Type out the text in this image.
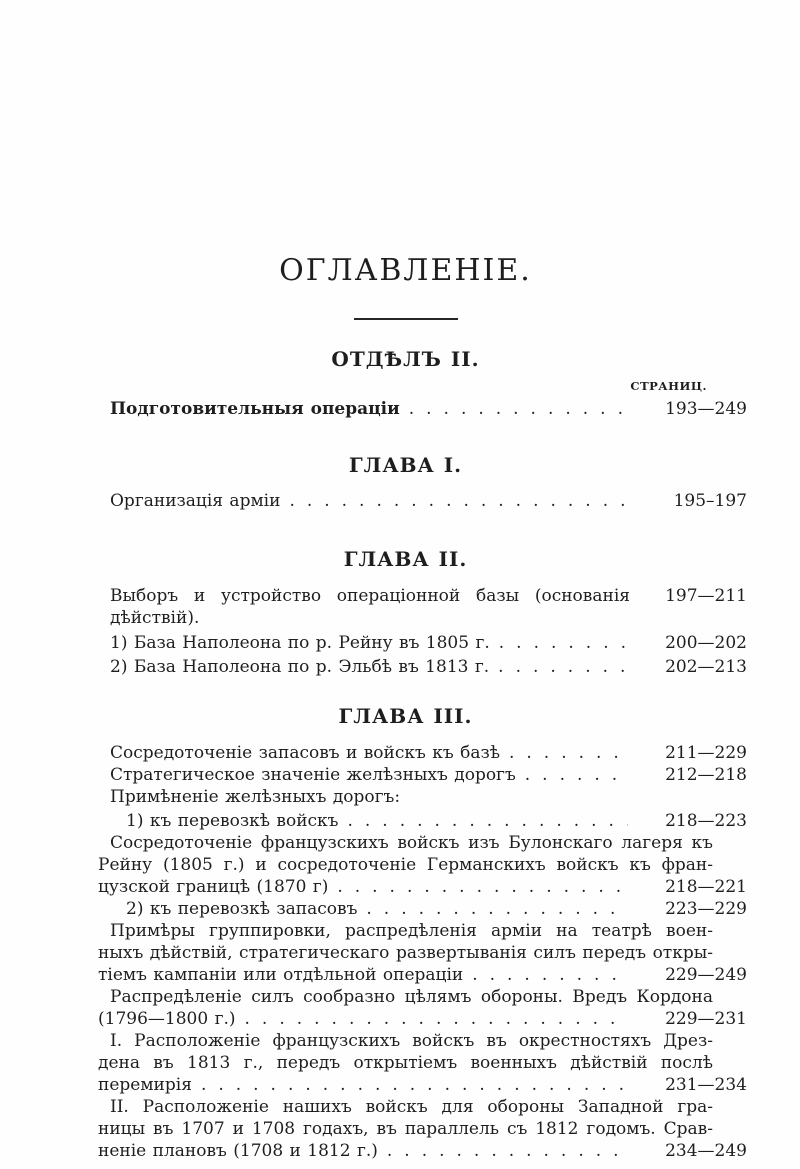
ОГЛАВЛЕНІЕ.
ОТДѢЛЪ II.
СТРАНИЦ.
Подготовительныя операціи .....	193—249
ГЛАВА I.
Организація арміи .....	195–197
ГЛАВА II.
Выборъ и устройство операціонной базы (основанія дѣйствій).
197—211
1) База Наполеона по р. Рейну въ 1805 г. .....	200—202
2) База Наполеона по р. Эльбѣ въ 1813 г. .....	202—213
ГЛАВА III.
Сосредоточеніе запасовъ и войскъ къ базѣ .....	211—229
Стратегическое значеніе желѣзныхъ дорогъ .....	212—218
Примѣненіе желѣзныхъ дорогъ:
1) къ перевозкѣ войскъ .....	218—223
Сосредоточеніе французскихъ войскъ изъ Булонскаго лагеря къ
Рейну (1805 г.) и сосредоточеніе Германскихъ войскъ къ фран-
цузской границѣ (1870 г) .....	218—221
2) къ перевозкѣ запасовъ .....	223—229
Примѣры группировки, распредѣленія арміи на театрѣ воен-
ныхъ дѣйствій, стратегическаго развертыванія силъ передъ откры-
тіемъ кампаніи или отдѣльной операціи .....	229—249
Распредѣленіе силъ сообразно цѣлямъ обороны. Вредъ Кордона
(1796—1800 г.) .....	229—231
I. Расположеніе французскихъ войскъ въ окрестностяхъ Дрез-
дена въ 1813 г., передъ открытіемъ военныхъ дѣйствій послѣ
перемирія .....	231—234
II. Расположеніе нашихъ войскъ для обороны Западной гра-
ницы въ 1707 и 1708 годахъ, въ параллель съ 1812 годомъ. Срав-
неніе плановъ (1708 и 1812 г.) .....	234—249
